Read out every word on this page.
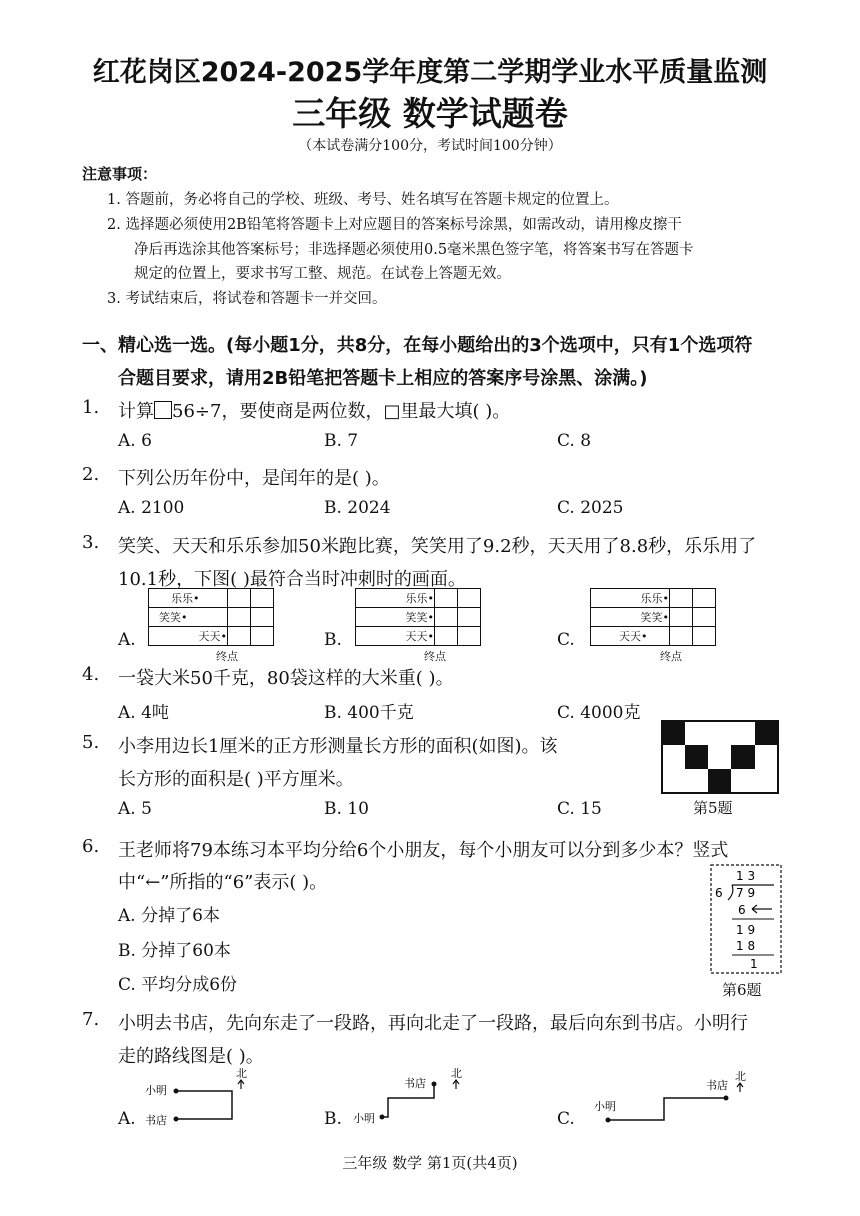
红花岗区2024-2025学年度第二学期学业水平质量监测
三年级 数学试题卷
（本试卷满分100分，考试时间100分钟）
注意事项：
1. 答题前，务必将自己的学校、班级、考号、姓名填写在答题卡规定的位置上。
2. 选择题必须使用2B铅笔将答题卡上对应题目的答案标号涂黑，如需改动，请用橡皮擦干
净后再选涂其他答案标号；非选择题必须使用0.5毫米黑色签字笔，将答案书写在答题卡
规定的位置上，要求书写工整、规范。在试卷上答题无效。
3. 考试结束后，将试卷和答题卡一并交回。
一、精心选一选。(每小题1分，共8分，在每小题给出的3个选项中，只有1个选项符
合题目要求，请用2B铅笔把答题卡上相应的答案序号涂黑、涂满。)
1. 计算 56÷7，要使商是两位数，□里最大填( )。
A. 6	B. 7	C. 8
2. 下列公历年份中，是闰年的是( )。
A. 2100	B. 2024	C. 2025
3. 笑笑、天天和乐乐参加50米跑比赛，笑笑用了9.2秒，天天用了8.8秒，乐乐用了
10.1秒，下图( )最符合当时冲刺时的画面。
A.
乐乐•		
笑笑•		
天天•		
终点
B.
乐乐•		
笑笑•		
天天•		
终点
C.
乐乐•		
笑笑•		
天天•		
终点
4. 一袋大米50千克，80袋这样的大米重( )。
A. 4吨	B. 400千克	C. 4000克
5. 小李用边长1厘米的正方形测量长方形的面积(如图)。该
长方形的面积是( )平方厘米。
A. 5	B. 10	C. 15	第5题
6. 王老师将79本练习本平均分给6个小朋友，每个小朋友可以分到多少本？竖式
中“←”所指的“6”表示( )。
A. 分掉了6本
B. 分掉了60本
C. 平均分成6份
1 3
6 7 9
6
1 9
1 8
1
第6题
7. 小明去书店，先向东走了一段路，再向北走了一段路，最后向东到书店。小明行
走的路线图是( )。
A.
小明
书店
北
B. 小明
书店
北
C.
小明
书店
北
三年级 数学 第1页(共4页)
